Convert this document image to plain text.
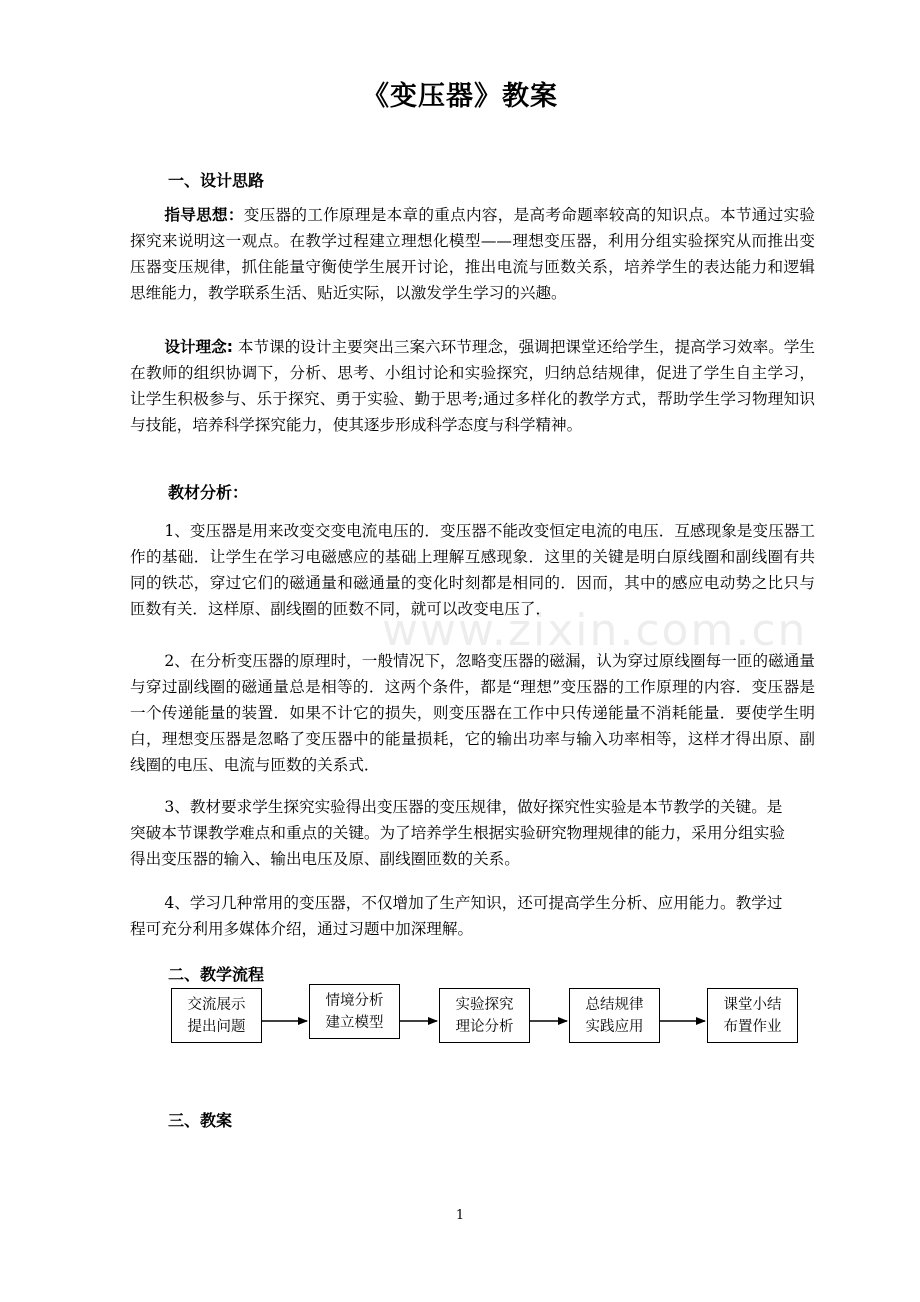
《变压器》教案
一、设计思路

指导思想：变压器的工作原理是本章的重点内容，是高考命题率较高的知识点。本节通过实验探究来说明这一观点。在教学过程建立理想化模型——理想变压器，利用分组实验探究从而推出变压器变压规律，抓住能量守衡使学生展开讨论，推出电流与匝数关系，培养学生的表达能力和逻辑思维能力，教学联系生活、贴近实际，以激发学生学习的兴趣。

设计理念: 本节课的设计主要突出三案六环节理念，强调把课堂还给学生，提高学习效率。学生在教师的组织协调下，分析、思考、小组讨论和实验探究，归纳总结规律，促进了学生自主学习，让学生积极参与、乐于探究、勇于实验、勤于思考;通过多样化的教学方式，帮助学生学习物理知识与技能，培养科学探究能力，使其逐步形成科学态度与科学精神。

教材分析：

1、变压器是用来改变交变电流电压的．变压器不能改变恒定电流的电压．互感现象是变压器工作的基础．让学生在学习电磁感应的基础上理解互感现象．这里的关键是明白原线圈和副线圈有共同的铁芯，穿过它们的磁通量和磁通量的变化时刻都是相同的．因而，其中的感应电动势之比只与匝数有关．这样原、副线圈的匝数不同，就可以改变电压了．

2、在分析变压器的原理时，一般情况下，忽略变压器的磁漏，认为穿过原线圈每一匝的磁通量与穿过副线圈的磁通量总是相等的．这两个条件，都是“理想”变压器的工作原理的内容．变压器是一个传递能量的装置．如果不计它的损失，则变压器在工作中只传递能量不消耗能量．要使学生明白，理想变压器是忽略了变压器中的能量损耗，它的输出功率与输入功率相等，这样才得出原、副线圈的电压、电流与匝数的关系式．

3、教材要求学生探究实验得出变压器的变压规律，做好探究性实验是本节教学的关键。是突破本节课教学难点和重点的关键。为了培养学生根据实验研究物理规律的能力，采用分组实验得出变压器的输入、输出电压及原、副线圈匝数的关系。

4、学习几种常用的变压器，不仅增加了生产知识，还可提高学生分析、应用能力。教学过程可充分利用多媒体介绍，通过习题中加深理解。

www.zixin.com.cn
二、教学流程
交流展示
提出问题
情境分析
建立模型
实验探究
理论分析
总结规律
实践应用
课堂小结
布置作业
三、教案
1
